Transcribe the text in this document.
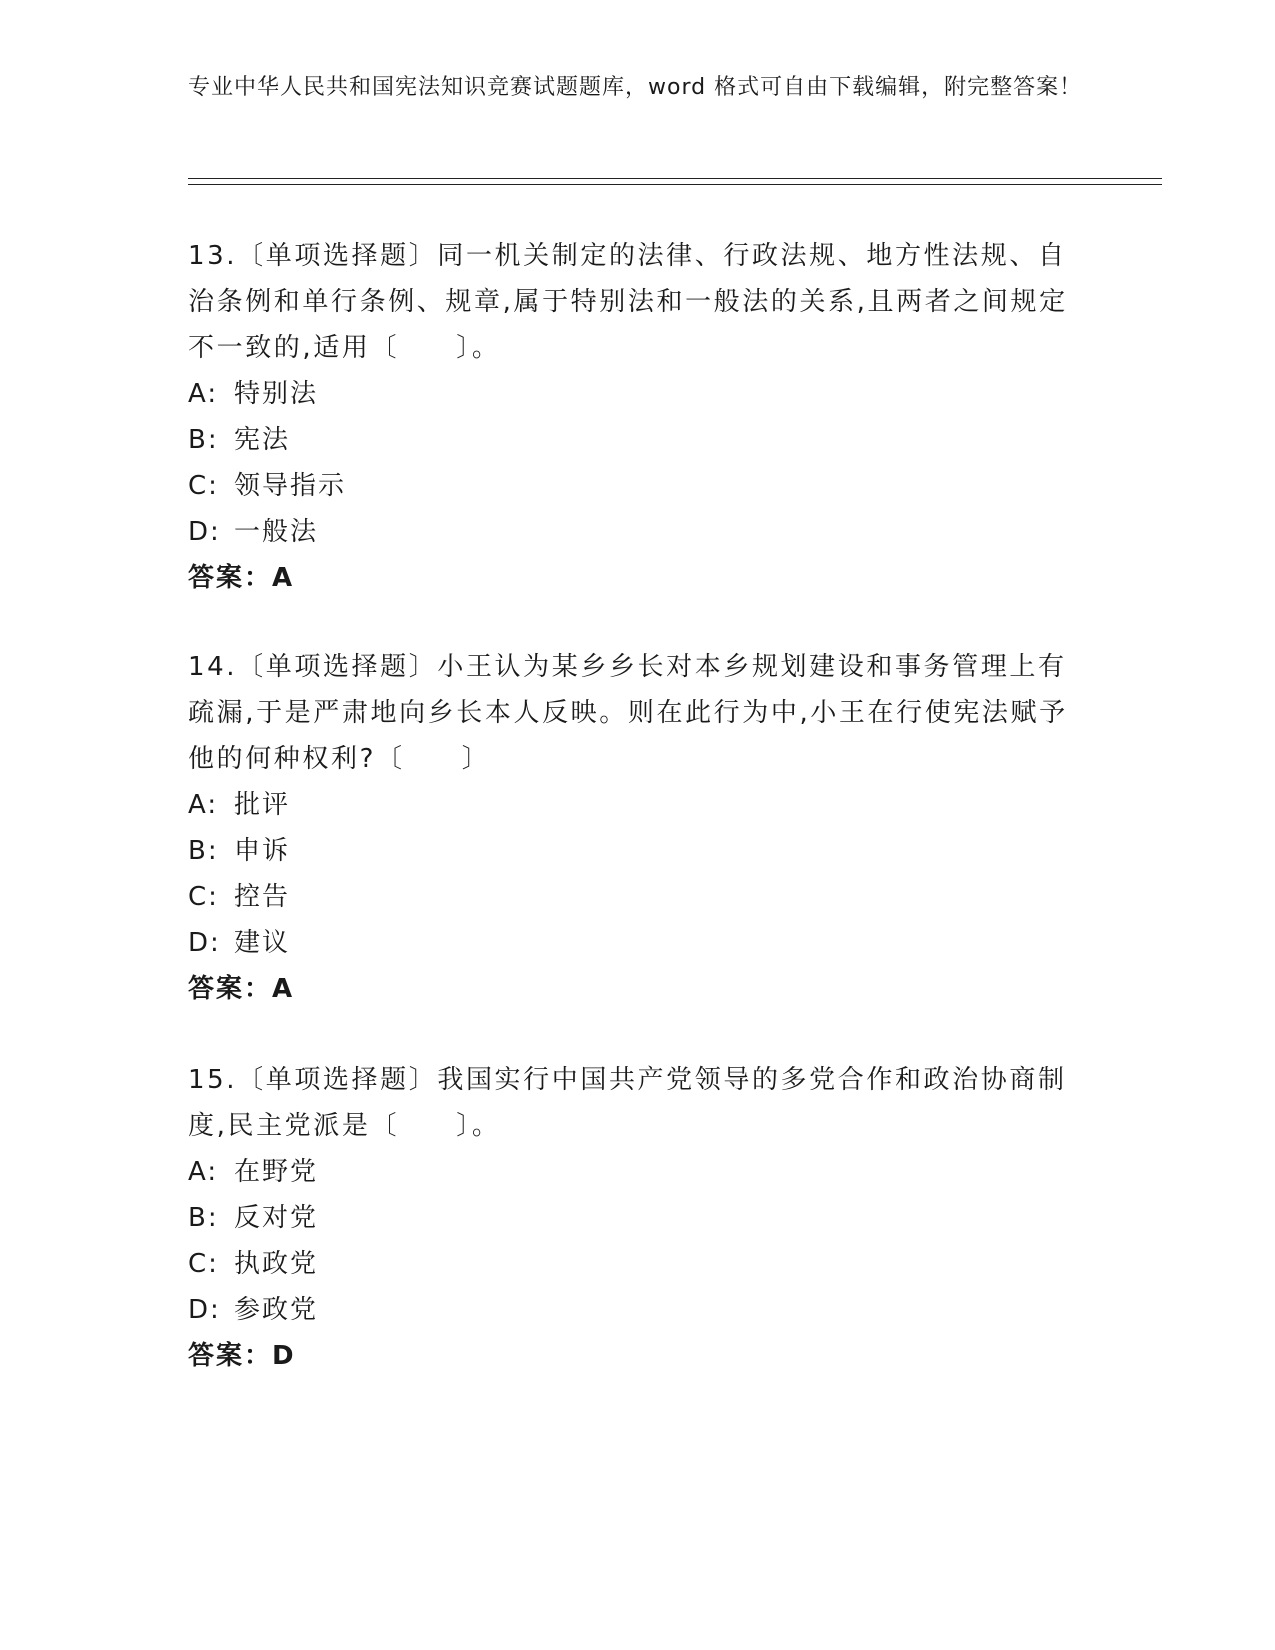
专业中华人民共和国宪法知识竞赛试题题库，word 格式可自由下载编辑，附完整答案！

13.〔单项选择题〕同一机关制定的法律、行政法规、地方性法规、自治条例和单行条例、规章,属于特别法和一般法的关系,且两者之间规定不一致的,适用〔　　〕。

A: 特别法

B: 宪法

C: 领导指示

D: 一般法

答案：A

14.〔单项选择题〕小王认为某乡乡长对本乡规划建设和事务管理上有疏漏,于是严肃地向乡长本人反映。则在此行为中,小王在行使宪法赋予他的何种权利?〔　　〕

A: 批评

B: 申诉

C: 控告

D: 建议

答案：A

15.〔单项选择题〕我国实行中国共产党领导的多党合作和政治协商制度,民主党派是〔　　〕。

A: 在野党

B: 反对党

C: 执政党

D: 参政党

答案：D
